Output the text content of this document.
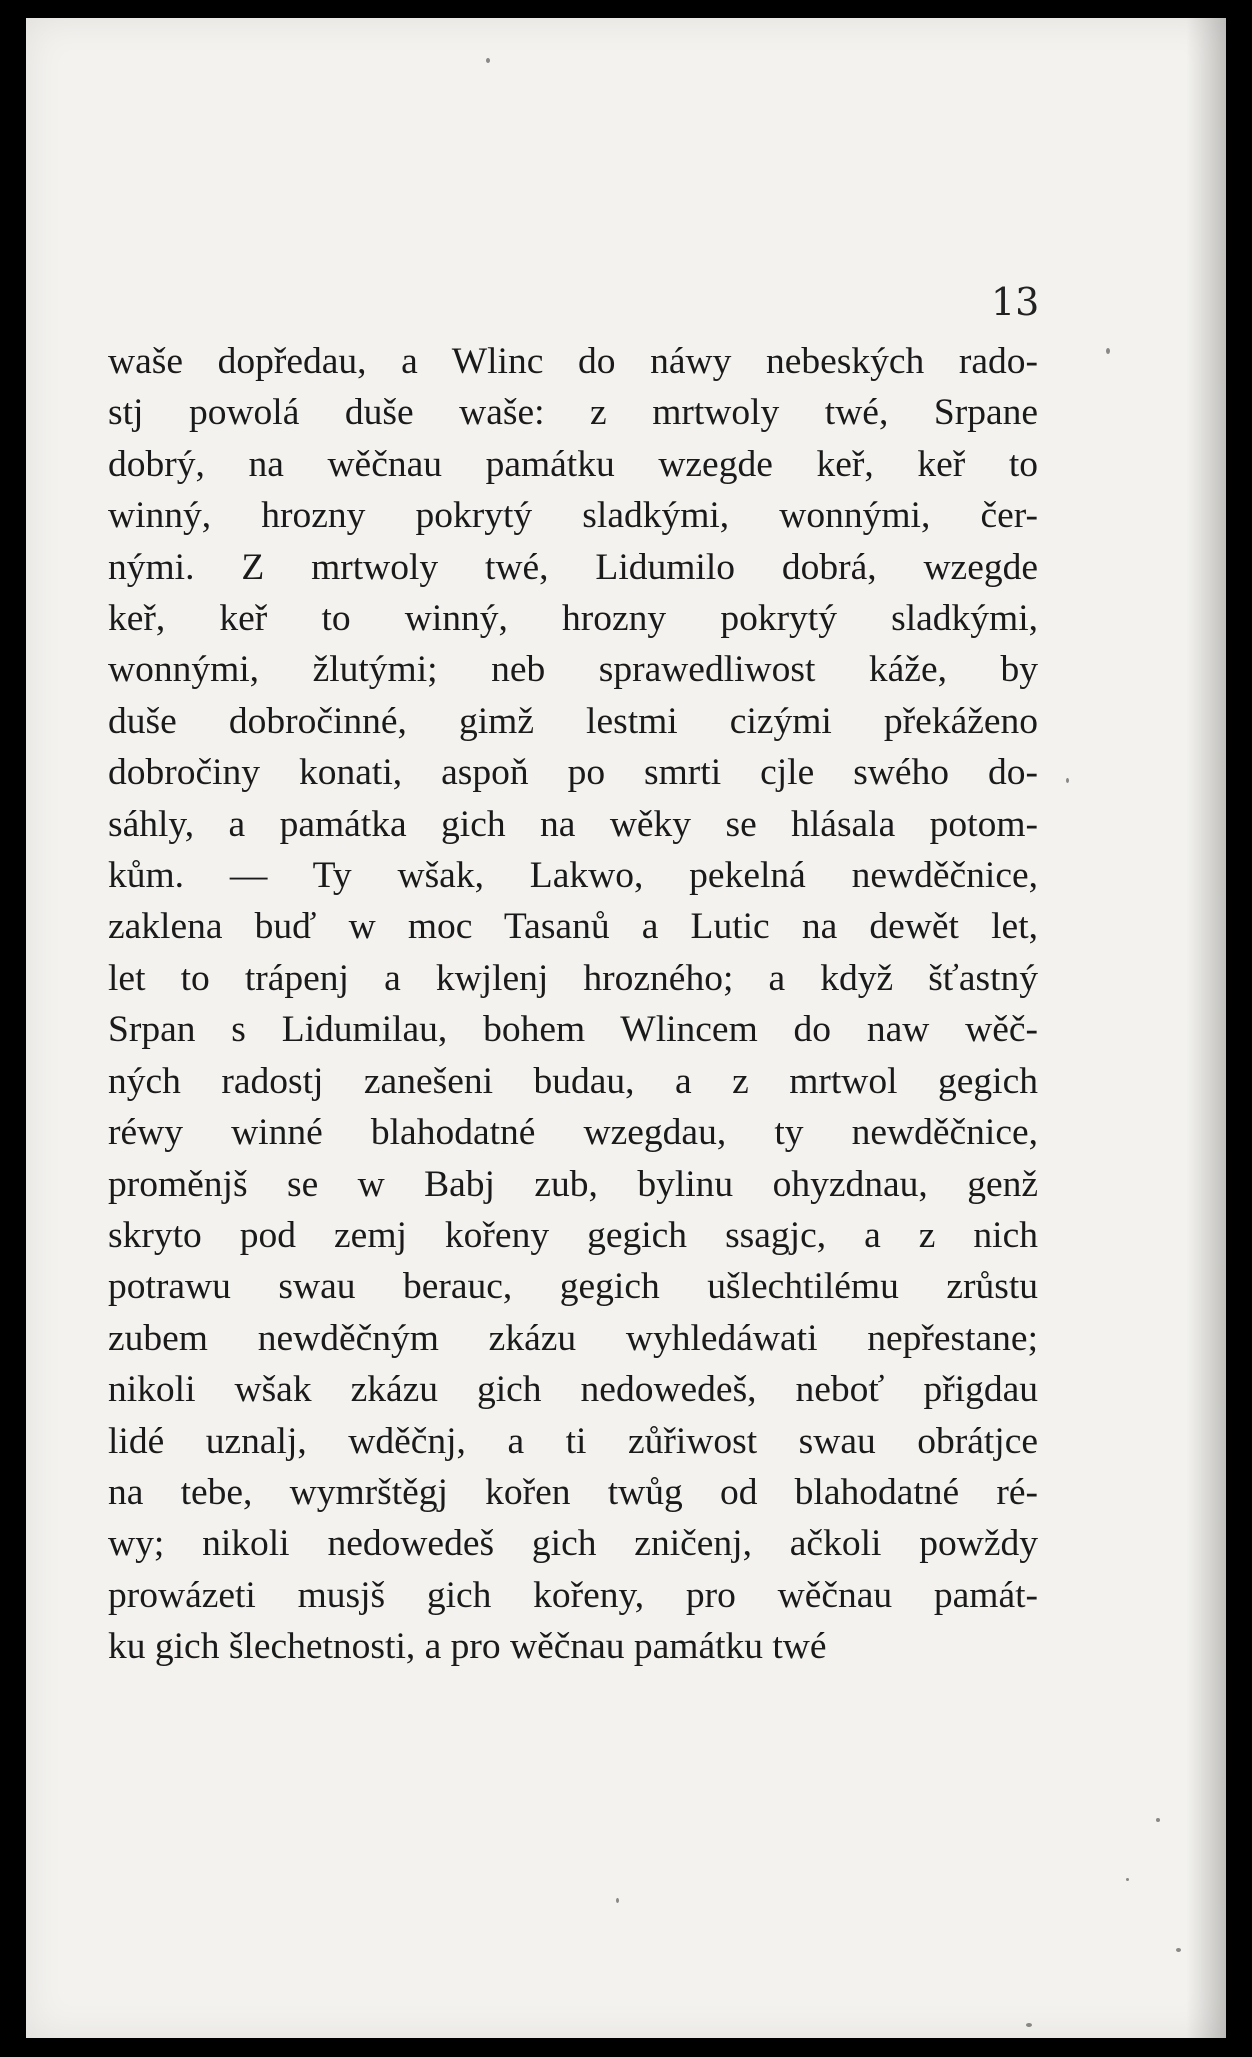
13
waše dopředau, a Wlinc do náwy nebeských rado-
stj powolá duše waše: z mrtwoly twé, Srpane
dobrý, na wěčnau památku wzegde keř, keř to
winný, hrozny pokrytý sladkými, wonnými, čer-
nými. Z mrtwoly twé, Lidumilo dobrá, wzegde
keř, keř to winný, hrozny pokrytý sladkými,
wonnými, žlutými; neb sprawedliwost káže, by
duše dobročinné, gimž lestmi cizými překáženo
dobročiny konati, aspoň po smrti cjle swého do-
sáhly, a památka gich na wěky se hlásala potom-
kům. — Ty wšak, Lakwo, pekelná newděčnice,
zaklena buď w moc Tasanů a Lutic na dewět let,
let to trápenj a kwjlenj hrozného; a když šťastný
Srpan s Lidumilau, bohem Wlincem do naw wěč-
ných radostj zanešeni budau, a z mrtwol gegich
réwy winné blahodatné wzegdau, ty newděčnice,
proměnjš se w Babj zub, bylinu ohyzdnau, genž
skryto pod zemj kořeny gegich ssagjc, a z nich
potrawu swau berauc, gegich ušlechtilému zrůstu
zubem newděčným zkázu wyhledáwati nepřestane;
nikoli wšak zkázu gich nedowedeš, neboť přigdau
lidé uznalj, wděčnj, a ti zůřiwost swau obrátjce
na tebe, wymrštěgj kořen twůg od blahodatné ré-
wy; nikoli nedowedeš gich zničenj, ačkoli powždy
prowázeti musjš gich kořeny, pro wěčnau památ-
ku gich šlechetnosti, a pro wěčnau památku twé
